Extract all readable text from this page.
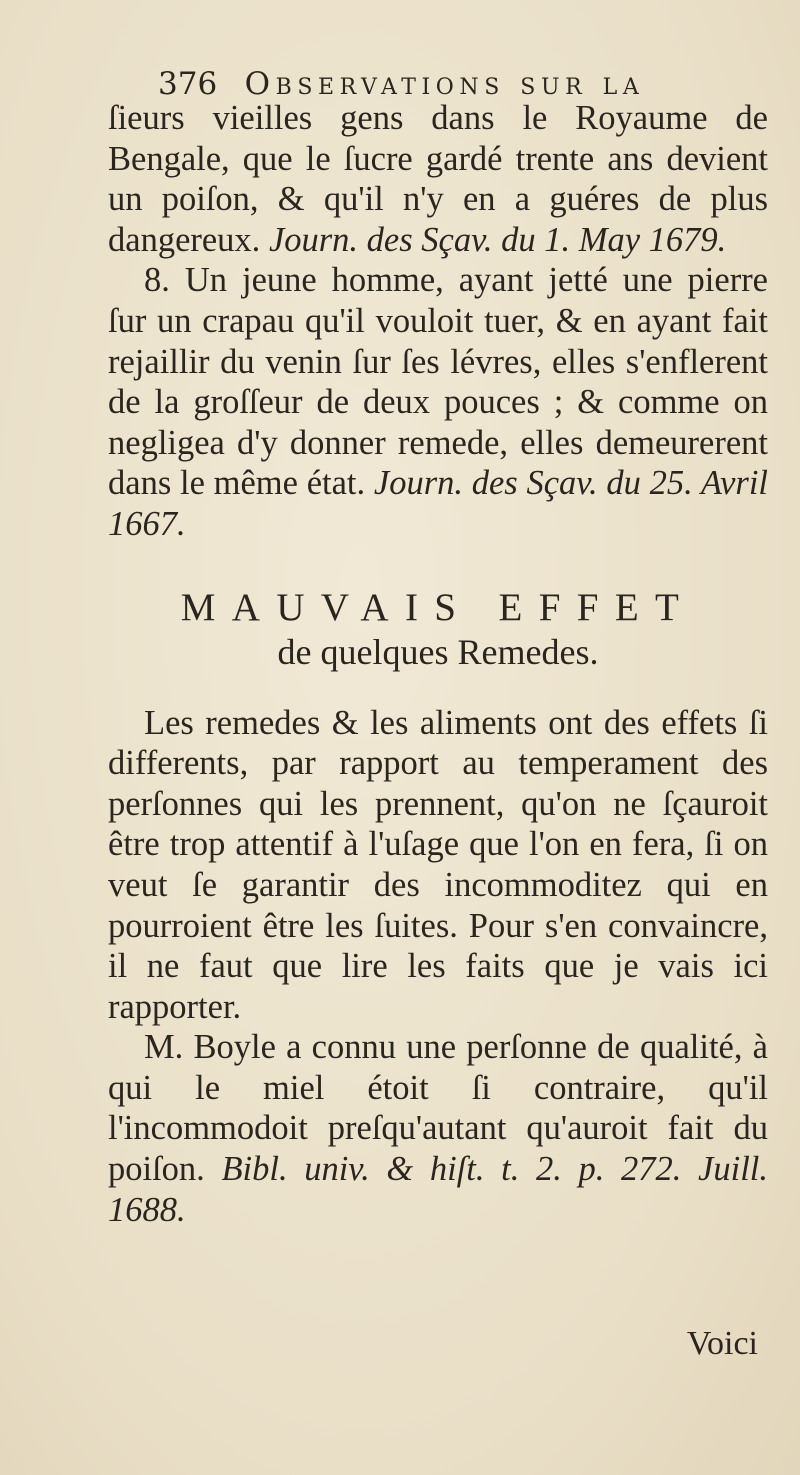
376 Observations sur la

ſieurs vieilles gens dans le Royaume de Bengale, que le ſucre gardé trente ans devient un poiſon, & qu'il n'y en a guéres de plus dangereux. Journ. des Sçav. du 1. May 1679.

8. Un jeune homme, ayant jetté une pierre ſur un crapau qu'il vouloit tuer, & en ayant fait rejaillir du venin ſur ſes lévres, elles s'enflerent de la groſſeur de deux pouces ; & comme on negligea d'y donner remede, elles demeurerent dans le même état. Journ. des Sçav. du 25. Avril 1667.

MAUVAIS EFFET
de quelques Remedes.

Les remedes & les aliments ont des effets ſi differents, par rapport au temperament des perſonnes qui les prennent, qu'on ne ſçauroit être trop attentif à l'uſage que l'on en fera, ſi on veut ſe garantir des incommoditez qui en pourroient être les ſuites. Pour s'en convaincre, il ne faut que lire les faits que je vais ici rapporter.

M. Boyle a connu une perſonne de qualité, à qui le miel étoit ſi contraire, qu'il l'incommodoit preſqu'autant qu'auroit fait du poiſon. Bibl. univ. & hiſt. t. 2. p. 272. Juill. 1688.

Voici
